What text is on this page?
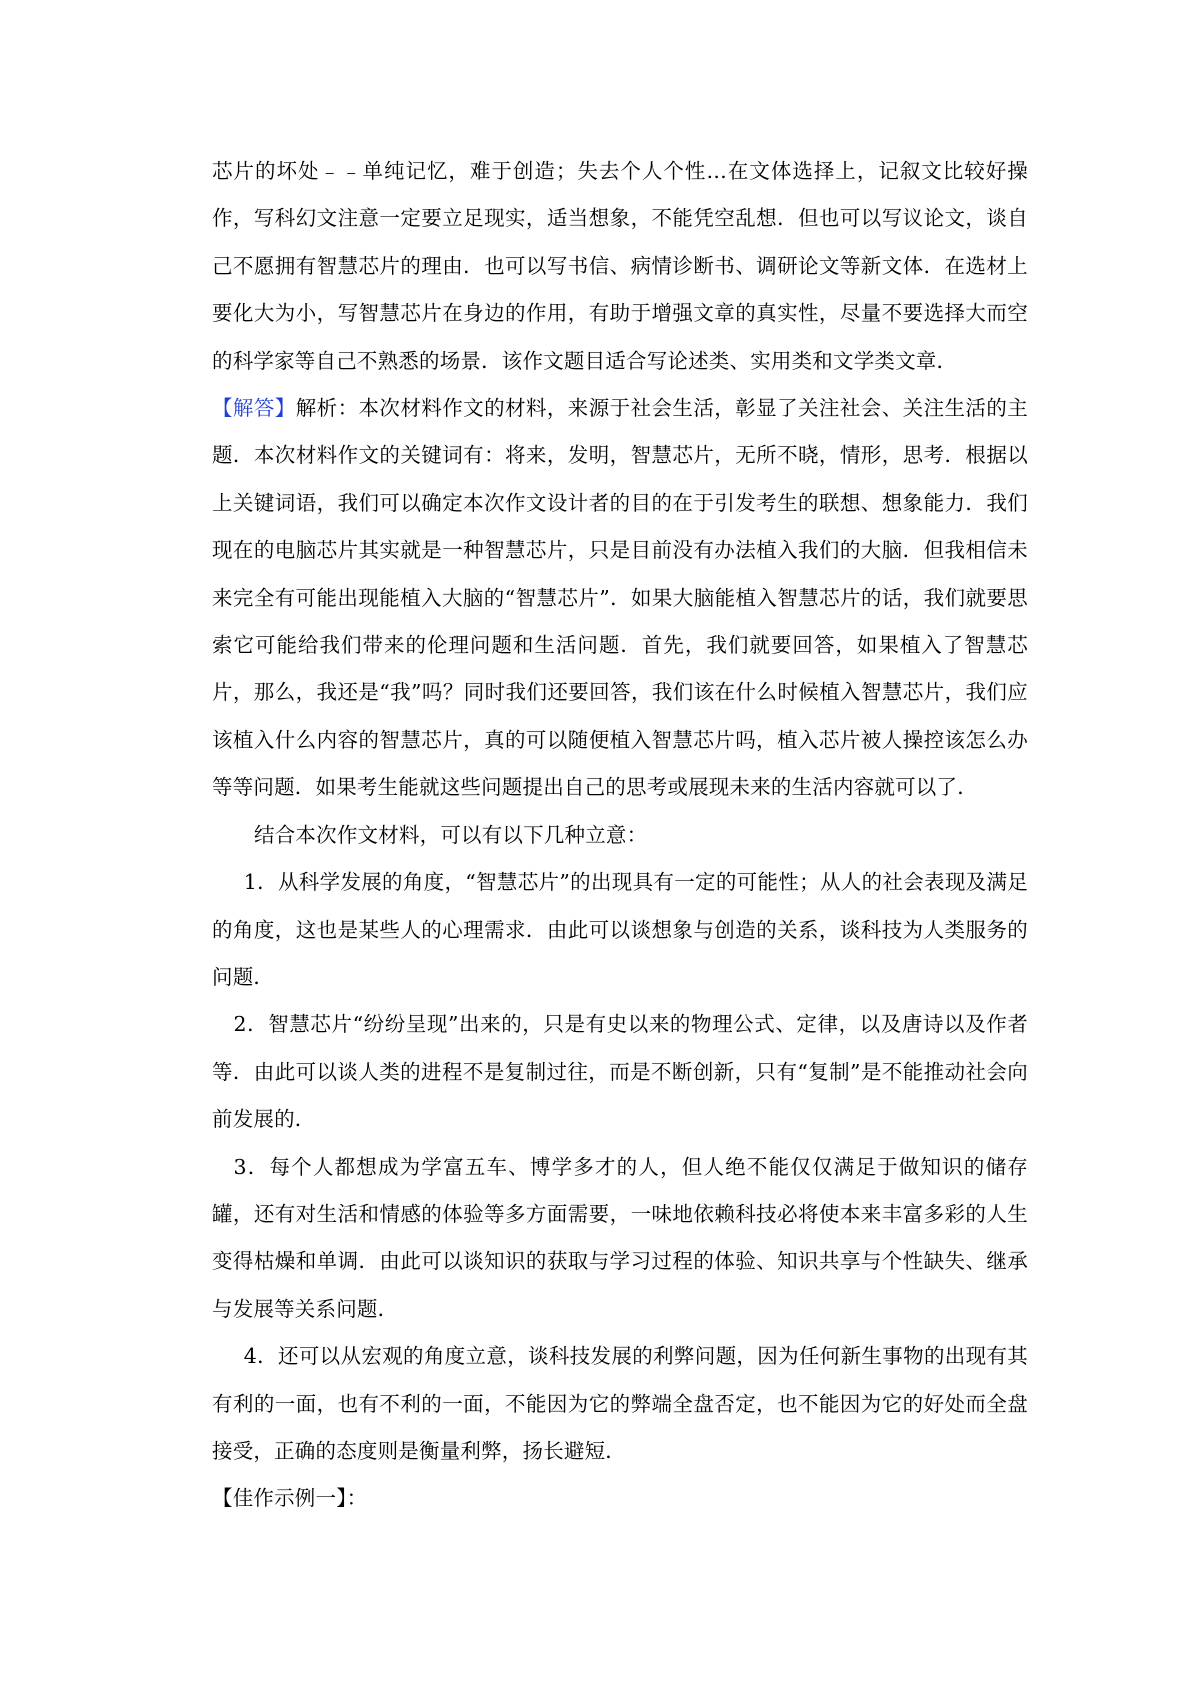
芯片的坏处﹣﹣单纯记忆，难于创造；失去个人个性…在文体选择上，记叙文比较好操作，写科幻文注意一定要立足现实，适当想象，不能凭空乱想．但也可以写议论文，谈自己不愿拥有智慧芯片的理由．也可以写书信、病情诊断书、调研论文等新文体．在选材上要化大为小，写智慧芯片在身边的作用，有助于增强文章的真实性，尽量不要选择大而空的科学家等自己不熟悉的场景．该作文题目适合写论述类、实用类和文学类文章．

【解答】解析：本次材料作文的材料，来源于社会生活，彰显了关注社会、关注生活的主题．本次材料作文的关键词有：将来，发明，智慧芯片，无所不晓，情形，思考．根据以上关键词语，我们可以确定本次作文设计者的目的在于引发考生的联想、想象能力．我们现在的电脑芯片其实就是一种智慧芯片，只是目前没有办法植入我们的大脑．但我相信未来完全有可能出现能植入大脑的“智慧芯片”．如果大脑能植入智慧芯片的话，我们就要思索它可能给我们带来的伦理问题和生活问题．首先，我们就要回答，如果植入了智慧芯片，那么，我还是“我”吗？同时我们还要回答，我们该在什么时候植入智慧芯片，我们应该植入什么内容的智慧芯片，真的可以随便植入智慧芯片吗，植入芯片被人操控该怎么办等等问题．如果考生能就这些问题提出自己的思考或展现未来的生活内容就可以了．

结合本次作文材料，可以有以下几种立意：

1．从科学发展的角度，“智慧芯片”的出现具有一定的可能性；从人的社会表现及满足的角度，这也是某些人的心理需求．由此可以谈想象与创造的关系，谈科技为人类服务的问题．

2．智慧芯片“纷纷呈现”出来的，只是有史以来的物理公式、定律，以及唐诗以及作者等．由此可以谈人类的进程不是复制过往，而是不断创新，只有“复制”是不能推动社会向前发展的．

3．每个人都想成为学富五车、博学多才的人，但人绝不能仅仅满足于做知识的储存罐，还有对生活和情感的体验等多方面需要，一味地依赖科技必将使本来丰富多彩的人生变得枯燥和单调．由此可以谈知识的获取与学习过程的体验、知识共享与个性缺失、继承与发展等关系问题．

4．还可以从宏观的角度立意，谈科技发展的利弊问题，因为任何新生事物的出现有其有利的一面，也有不利的一面，不能因为它的弊端全盘否定，也不能因为它的好处而全盘接受，正确的态度则是衡量利弊，扬长避短．

【佳作示例一】：
